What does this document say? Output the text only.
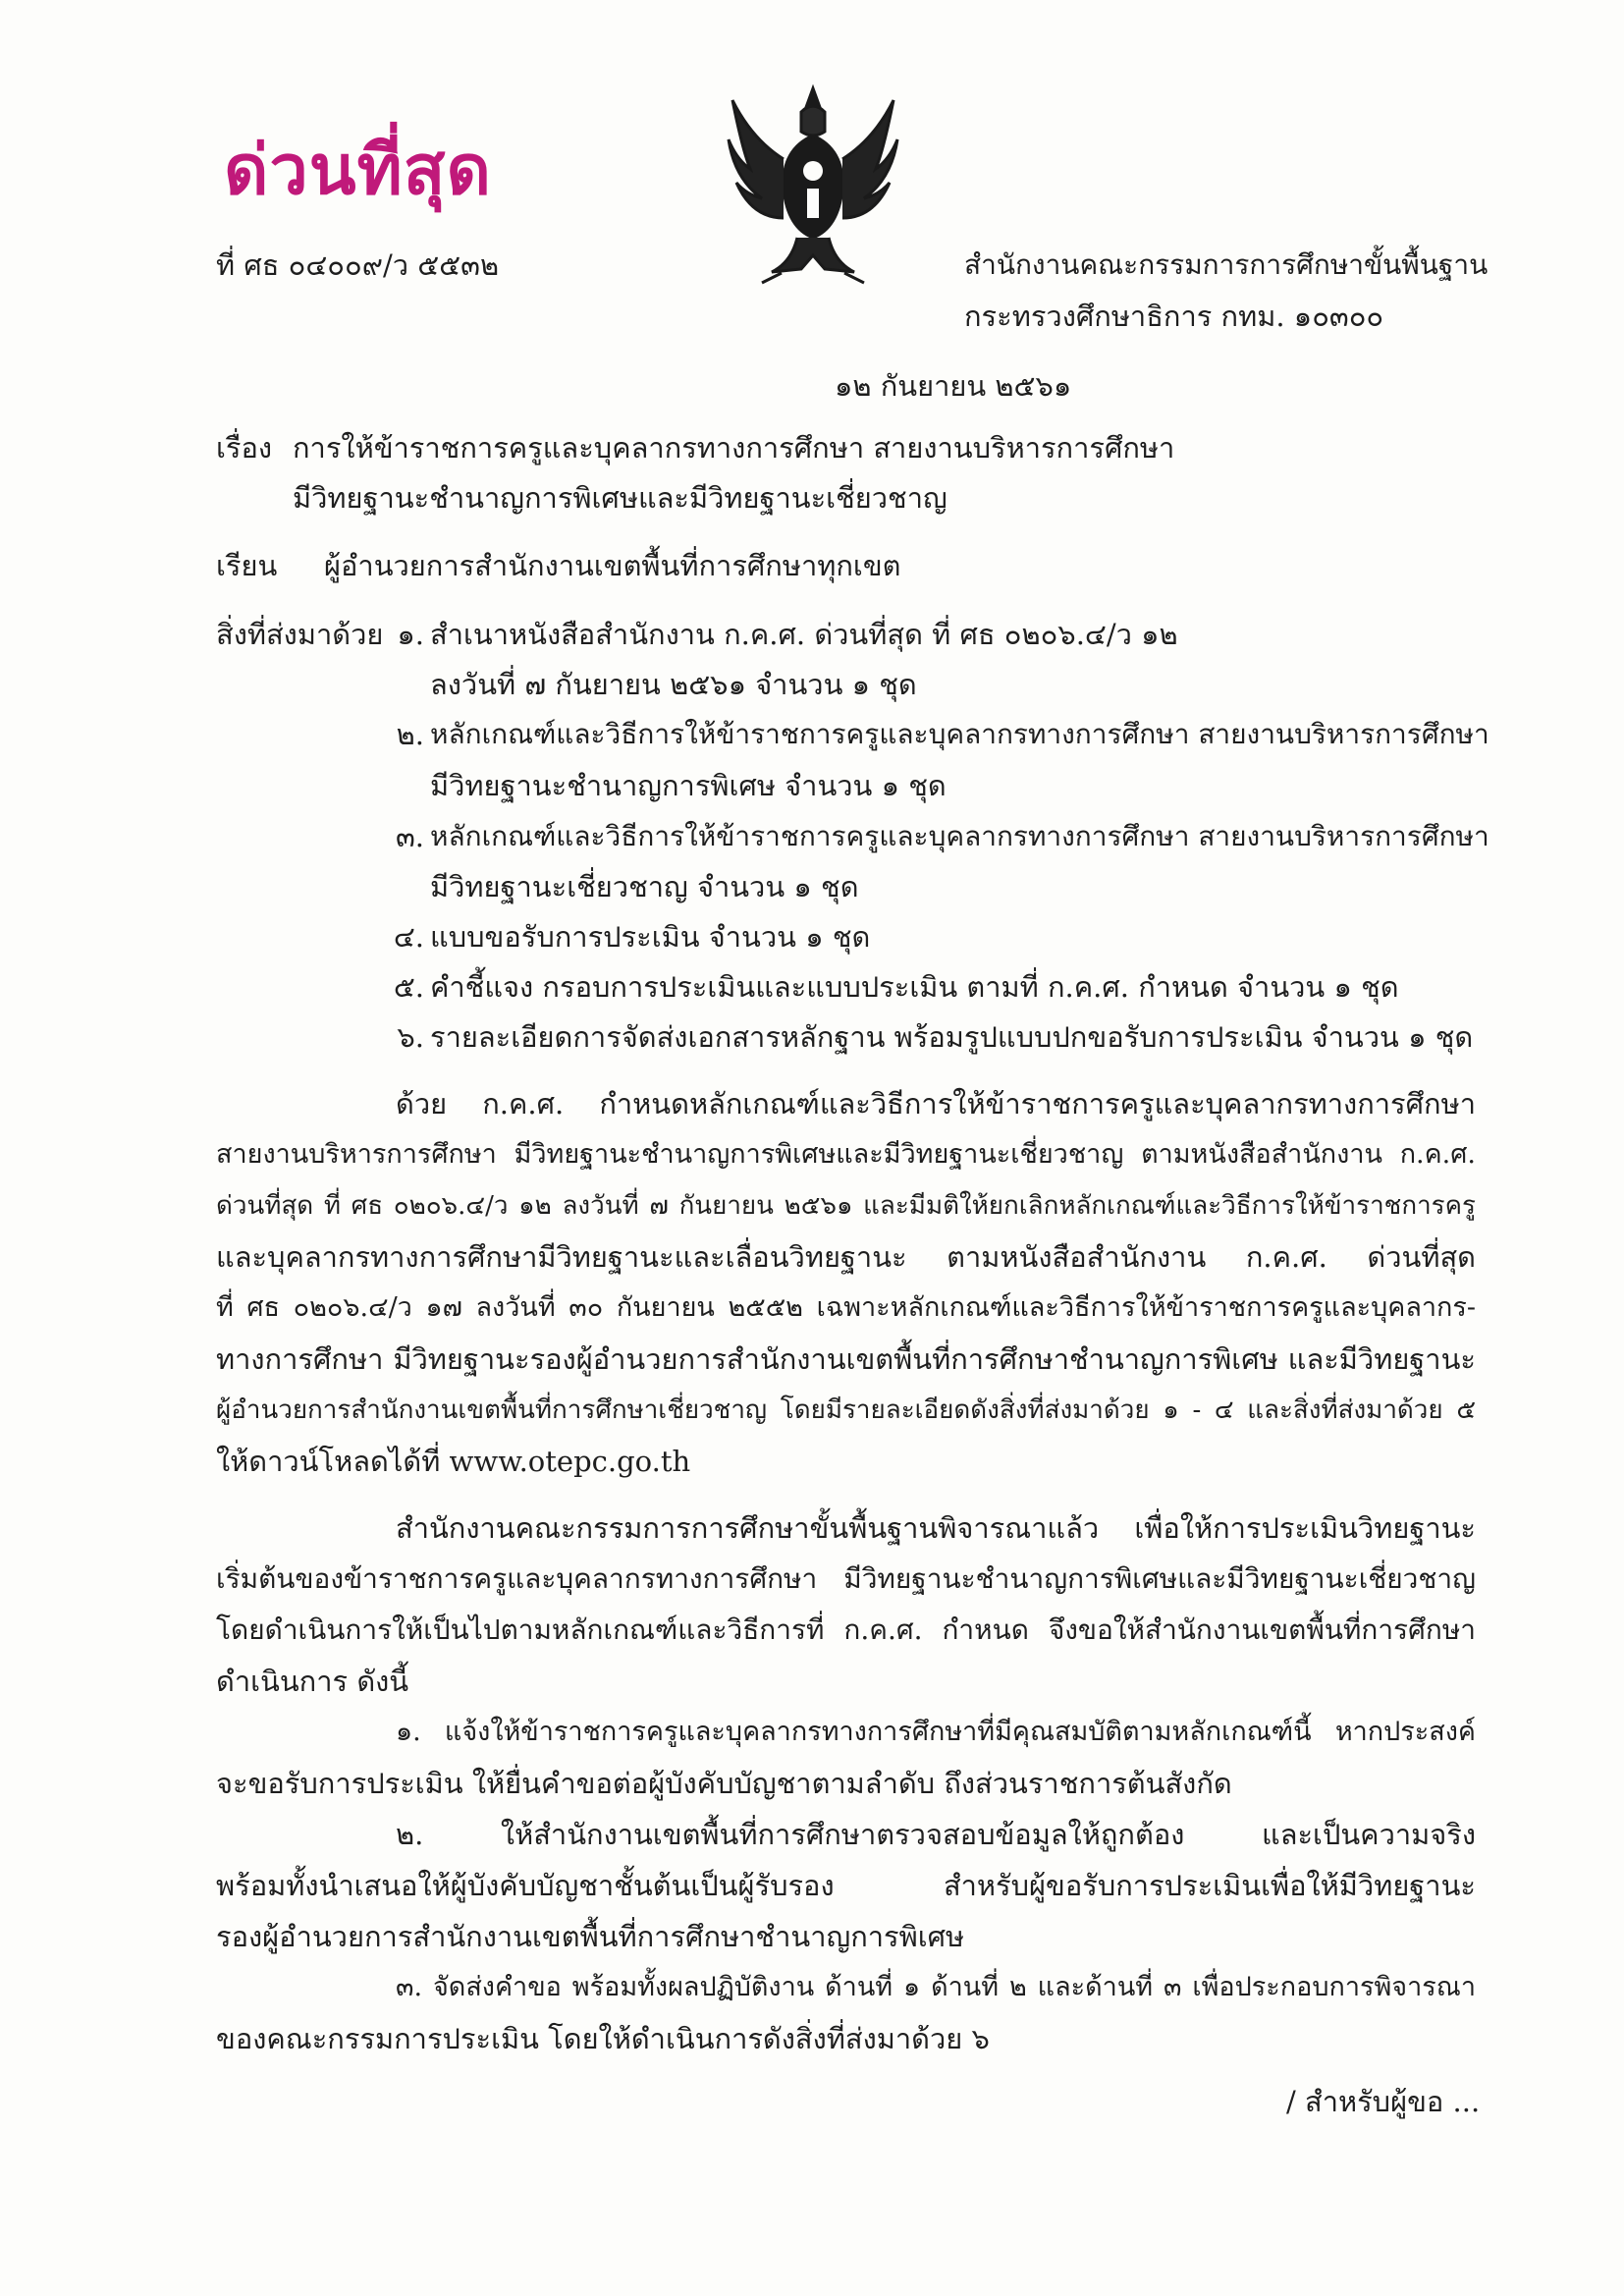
ด่วนที่สุด
ที่ ศธ ๐๔๐๐๙/ว ๕๕๓๒	สำนักงานคณะกรรมการการศึกษาขั้นพื้นฐาน
กระทรวงศึกษาธิการ กทม. ๑๐๓๐๐
๑๒ กันยายน ๒๕๖๑
เรื่อง การให้ข้าราชการครูและบุคลากรทางการศึกษา สายงานบริหารการศึกษา
มีวิทยฐานะชำนาญการพิเศษและมีวิทยฐานะเชี่ยวชาญ
เรียน ผู้อำนวยการสำนักงานเขตพื้นที่การศึกษาทุกเขต
สิ่งที่ส่งมาด้วย ๑. สำเนาหนังสือสำนักงาน ก.ค.ศ. ด่วนที่สุด ที่ ศธ ๐๒๐๖.๔/ว ๑๒
ลงวันที่ ๗ กันยายน ๒๕๖๑ จำนวน ๑ ชุด
๒. หลักเกณฑ์และวิธีการให้ข้าราชการครูและบุคลากรทางการศึกษา สายงานบริหารการศึกษา
มีวิทยฐานะชำนาญการพิเศษ จำนวน ๑ ชุด
๓. หลักเกณฑ์และวิธีการให้ข้าราชการครูและบุคลากรทางการศึกษา สายงานบริหารการศึกษา
มีวิทยฐานะเชี่ยวชาญ จำนวน ๑ ชุด
๔. แบบขอรับการประเมิน จำนวน ๑ ชุด
๕. คำชี้แจง กรอบการประเมินและแบบประเมิน ตามที่ ก.ค.ศ. กำหนด จำนวน ๑ ชุด
๖. รายละเอียดการจัดส่งเอกสารหลักฐาน พร้อมรูปแบบปกขอรับการประเมิน จำนวน ๑ ชุด
ด้วย ก.ค.ศ. กำหนดหลักเกณฑ์และวิธีการให้ข้าราชการครูและบุคลากรทางการศึกษา
สายงานบริหารการศึกษา มีวิทยฐานะชำนาญการพิเศษและมีวิทยฐานะเชี่ยวชาญ ตามหนังสือสำนักงาน ก.ค.ศ.
ด่วนที่สุด ที่ ศธ ๐๒๐๖.๔/ว ๑๒ ลงวันที่ ๗ กันยายน ๒๕๖๑ และมีมติให้ยกเลิกหลักเกณฑ์และวิธีการให้ข้าราชการครู
และบุคลากรทางการศึกษามีวิทยฐานะและเลื่อนวิทยฐานะ ตามหนังสือสำนักงาน ก.ค.ศ. ด่วนที่สุด
ที่ ศธ ๐๒๐๖.๔/ว ๑๗ ลงวันที่ ๓๐ กันยายน ๒๕๕๒ เฉพาะหลักเกณฑ์และวิธีการให้ข้าราชการครูและบุคลากร-
ทางการศึกษา มีวิทยฐานะรองผู้อำนวยการสำนักงานเขตพื้นที่การศึกษาชำนาญการพิเศษ และมีวิทยฐานะ
ผู้อำนวยการสำนักงานเขตพื้นที่การศึกษาเชี่ยวชาญ โดยมีรายละเอียดดังสิ่งที่ส่งมาด้วย ๑ - ๔ และสิ่งที่ส่งมาด้วย ๕
ให้ดาวน์โหลดได้ที่ www.otepc.go.th
สำนักงานคณะกรรมการการศึกษาขั้นพื้นฐานพิจารณาแล้ว เพื่อให้การประเมินวิทยฐานะ
เริ่มต้นของข้าราชการครูและบุคลากรทางการศึกษา มีวิทยฐานะชำนาญการพิเศษและมีวิทยฐานะเชี่ยวชาญ
โดยดำเนินการให้เป็นไปตามหลักเกณฑ์และวิธีการที่ ก.ค.ศ. กำหนด จึงขอให้สำนักงานเขตพื้นที่การศึกษา
ดำเนินการ ดังนี้
๑. แจ้งให้ข้าราชการครูและบุคลากรทางการศึกษาที่มีคุณสมบัติตามหลักเกณฑ์นี้ หากประสงค์
จะขอรับการประเมิน ให้ยื่นคำขอต่อผู้บังคับบัญชาตามลำดับ ถึงส่วนราชการต้นสังกัด
๒. ให้สำนักงานเขตพื้นที่การศึกษาตรวจสอบข้อมูลให้ถูกต้อง และเป็นความจริง
พร้อมทั้งนำเสนอให้ผู้บังคับบัญชาชั้นต้นเป็นผู้รับรอง สำหรับผู้ขอรับการประเมินเพื่อให้มีวิทยฐานะ
รองผู้อำนวยการสำนักงานเขตพื้นที่การศึกษาชำนาญการพิเศษ
๓. จัดส่งคำขอ พร้อมทั้งผลปฏิบัติงาน ด้านที่ ๑ ด้านที่ ๒ และด้านที่ ๓ เพื่อประกอบการพิจารณา
ของคณะกรรมการประเมิน โดยให้ดำเนินการดังสิ่งที่ส่งมาด้วย ๖
/ สำหรับผู้ขอ ...
